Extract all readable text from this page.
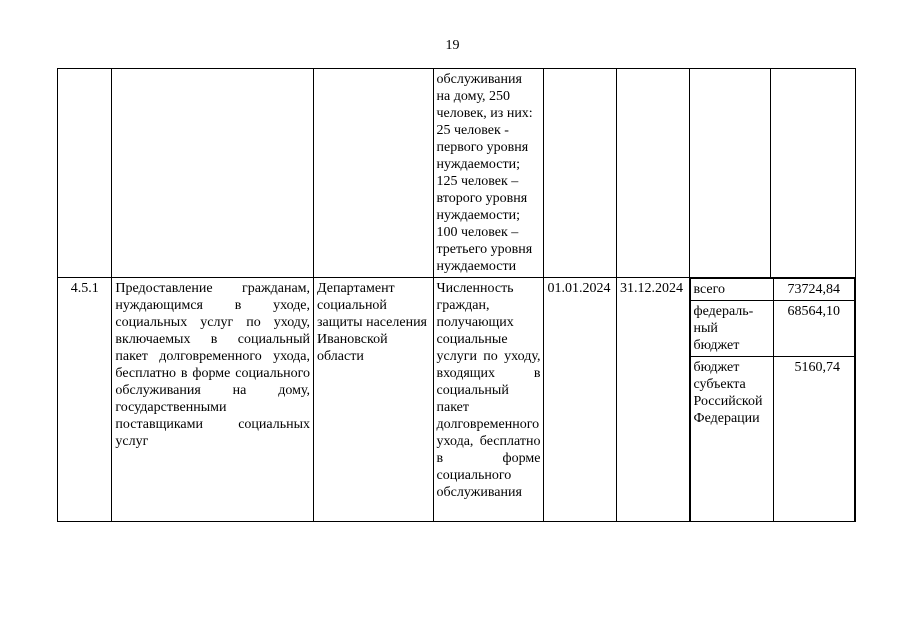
19
			обслуживания
на дому, 250
человек, из них:
25 человек -
первого уровня
нуждаемости;
125 человек –
второго уровня
нуждаемости;
100 человек –
третьего уровня
нуждаемости				
4.5.1	Предоставление гражданам, нуждающимся в уходе, социальных услуг по уходу, включаемых в социальный пакет долговременного ухода, бесплатно в форме социального обслуживания на дому, государственными поставщиками социальных услуг	Департамент социальной защиты населения Ивановской области	Численность граждан, получающих социальные услуги по уходу, входящих в социальный пакет долговременного ухода, бесплатно в форме социального обслуживания	01.01.2024	31.12.2024	всего	73724,84
федераль-
ный
бюджет	68564,10
бюджет
субъекта
Российской
Федерации	5160,74
